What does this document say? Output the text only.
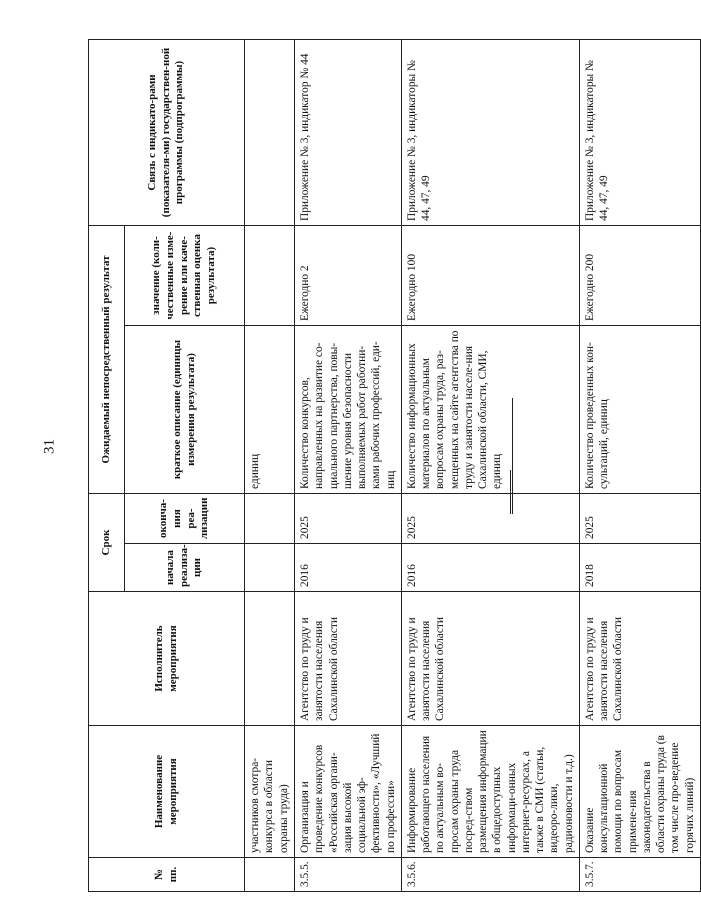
31
№ пп.	Наименование мероприятия	Исполнитель мероприятия	Срок		Ожидаемый непосредственный результат		Связь с индикато-рами (показателя-ми) государствен-ной программы (подпрограммы)
			начала реализа-ции	оконча-ния реа-лизации	краткое описание (единицы измерения результата)	значение (коли-чественные изме-рение или каче-ственная оценка результата)	
	участников смотра-конкурса в области охраны труда)				единиц		
3.5.5.	Организация и проведение конкурсов «Российская органи-зация высокой социальной эф-фективности», «Лучший по профессии»	Агентство по труду и занятости населения Сахалинской области	2016	2025	Количество конкурсов, направленных на развитие со-циального партнерства, повы-шение уровня безопасности выполняемых работ работни-ками рабочих профессий, еди-ниц	Ежегодно 2	Приложение № 3, индикатор № 44
3.5.6.	Информирование работающего населения по актуальным во-просам охраны труда посред-ством размещения информации в общедоступных информаци-онных интернет-ресурсах, а также в СМИ (статьи, видеоро-лики, радионовости и т.д.)	Агентство по труду и занятости населения Сахалинской области	2016	2025	Количество информационных материалов по актуальным вопросам охраны труда, раз-мещенных на сайте агентства по труду и занятости населе-ния Сахалинской области, СМИ, единиц	Ежегодно 100	Приложение № 3, индикаторы № 44, 47, 49
3.5.7.	Оказание консультационной помощи по вопросам примене-ния законодательства в области охраны труда (в том числе про-ведение горячих линий)	Агентство по труду и занятости населения Сахалинской области	2018	2025	Количество проведенных кон-сультаций, единиц	Ежегодно 200	Приложение № 3, индикаторы № 44, 47, 49
